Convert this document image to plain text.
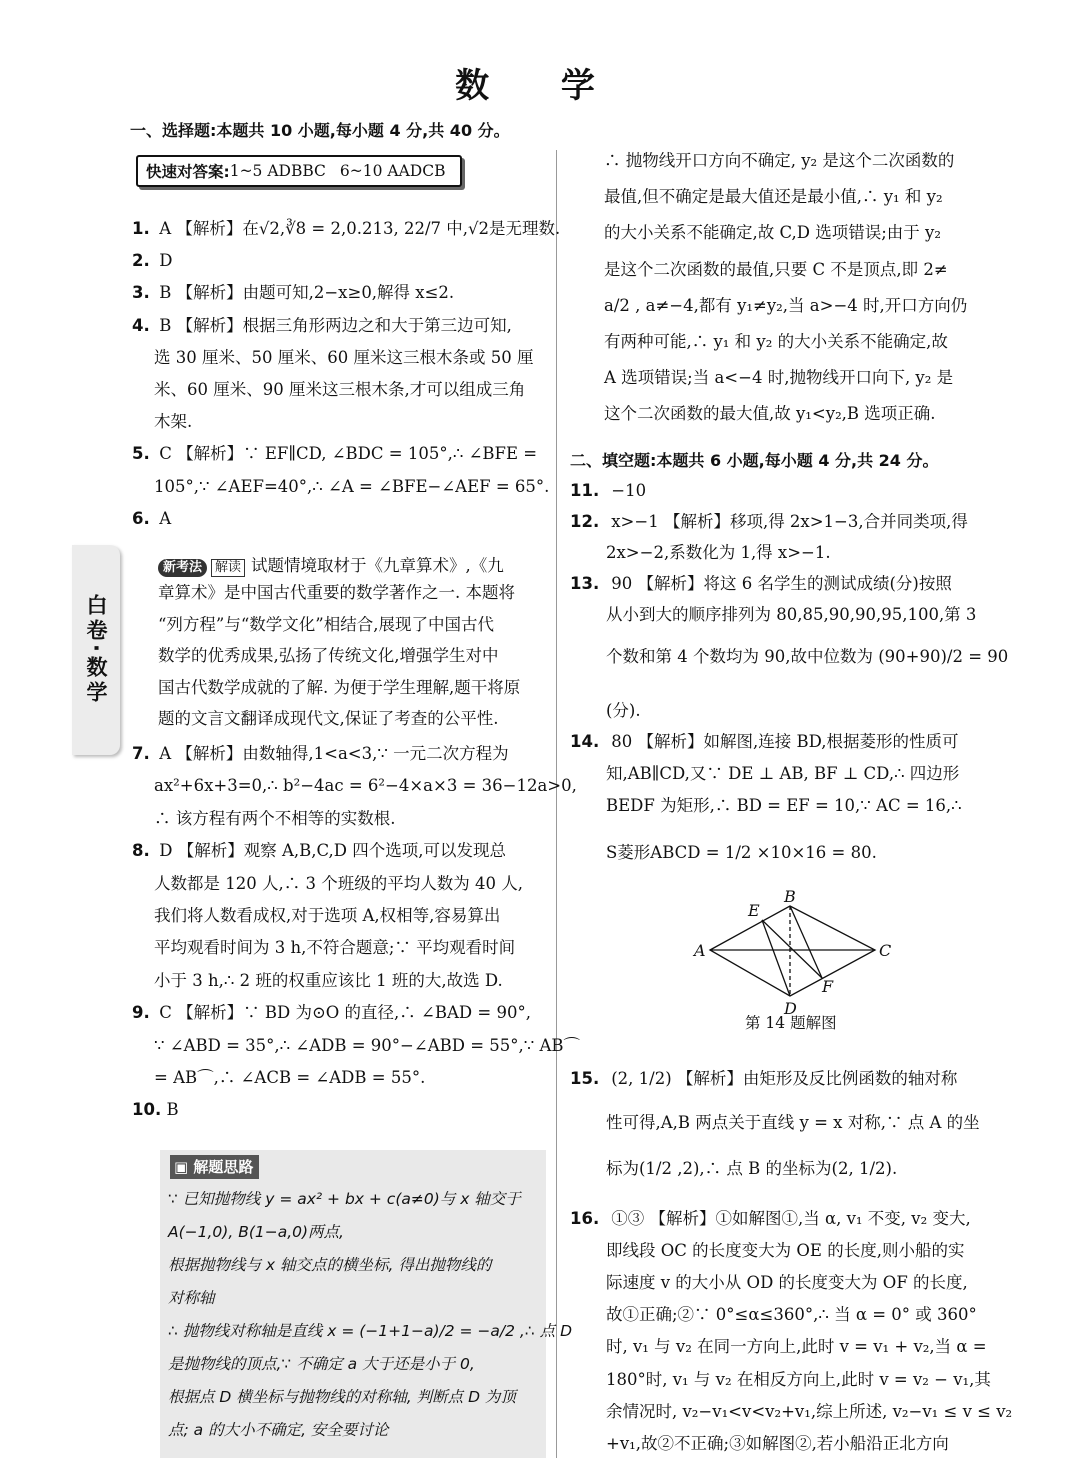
数 学
白卷·数学
一、选择题:本题共 10 小题,每小题 4 分,共 40 分。
快速对答案: 1~5 ADBBC 6~10 AADCB
1. A 【解析】在√2,∛8 = 2,0.213, 22/7 中,√2是无理数.
2. D
3. B 【解析】由题可知,2−x≥0,解得 x≤2.
4. B 【解析】根据三角形两边之和大于第三边可知,
选 30 厘米、50 厘米、60 厘米这三根木条或 50 厘
米、60 厘米、90 厘米这三根木条,才可以组成三角
木架.
5. C 【解析】∵ EF∥CD, ∠BDC = 105°,∴ ∠BFE =
105°,∵ ∠AEF=40°,∴ ∠A = ∠BFE−∠AEF = 65°.
6. A
新考法 解读 试题情境取材于《九章算术》,《九
章算术》是中国古代重要的数学著作之一. 本题将
“列方程”与“数学文化”相结合,展现了中国古代
数学的优秀成果,弘扬了传统文化,增强学生对中
国古代数学成就的了解. 为便于学生理解,题干将原
题的文言文翻译成现代文,保证了考查的公平性.
7. A 【解析】由数轴得,1<a<3,∵ 一元二次方程为
ax²+6x+3=0,∴ b²−4ac = 6²−4×a×3 = 36−12a>0,
∴ 该方程有两个不相等的实数根.
8. D 【解析】观察 A,B,C,D 四个选项,可以发现总
人数都是 120 人,∴ 3 个班级的平均人数为 40 人,
我们将人数看成权,对于选项 A,权相等,容易算出
平均观看时间为 3 h,不符合题意;∵ 平均观看时间
小于 3 h,∴ 2 班的权重应该比 1 班的大,故选 D.
9. C 【解析】∵ BD 为⊙O 的直径,∴ ∠BAD = 90°,
∵ ∠ABD = 35°,∴ ∠ADB = 90°−∠ABD = 55°,∵ AB⌒
= AB⌒,∴ ∠ACB = ∠ADB = 55°.
10. B
▣ 解题思路
∵ 已知抛物线 y = ax² + bx + c(a≠0)与 x 轴交于
A(−1,0), B(1−a,0)两点,
根据抛物线与 x 轴交点的横坐标, 得出抛物线的
对称轴
∴ 抛物线对称轴是直线 x = (−1+1−a)/2 = −a/2 ,∴ 点 D
是抛物线的顶点,∵ 不确定 a 大于还是小于 0,
根据点 D 横坐标与抛物线的对称轴, 判断点 D 为顶
点; a 的大小不确定, 安全要讨论
∴ 抛物线开口方向不确定, y₂ 是这个二次函数的
最值,但不确定是最大值还是最小值,∴ y₁ 和 y₂
的大小关系不能确定,故 C,D 选项错误;由于 y₂
是这个二次函数的最值,只要 C 不是顶点,即 2≠
a/2 , a≠−4,都有 y₁≠y₂,当 a>−4 时,开口方向仍
有两种可能,∴ y₁ 和 y₂ 的大小关系不能确定,故
A 选项错误;当 a<−4 时,抛物线开口向下, y₂ 是
这个二次函数的最大值,故 y₁<y₂,B 选项正确.
二、填空题:本题共 6 小题,每小题 4 分,共 24 分。
11. −10
12. x>−1 【解析】移项,得 2x>1−3,合并同类项,得
2x>−2,系数化为 1,得 x>−1.
13. 90 【解析】将这 6 名学生的测试成绩(分)按照
从小到大的顺序排列为 80,85,90,90,95,100,第 3
个数和第 4 个数均为 90,故中位数为 (90+90)/2 = 90
(分).
14. 80 【解析】如解图,连接 BD,根据菱形的性质可
知,AB∥CD,又∵ DE ⊥ AB, BF ⊥ CD,∴ 四边形
BEDF 为矩形,∴ BD = EF = 10,∵ AC = 16,∴
S菱形ABCD = 1/2 ×10×16 = 80.
A
B
C
D
E
F
第 14 题解图
15. (2, 1/2) 【解析】由矩形及反比例函数的轴对称
性可得,A,B 两点关于直线 y = x 对称,∵ 点 A 的坐
标为(1/2 ,2),∴ 点 B 的坐标为(2, 1/2).
16. ①③ 【解析】①如解图①,当 α, v₁ 不变, v₂ 变大,
即线段 OC 的长度变大为 OE 的长度,则小船的实
际速度 v 的大小从 OD 的长度变大为 OF 的长度,
故①正确;②∵ 0°≤α≤360°,∴ 当 α = 0° 或 360°
时, v₁ 与 v₂ 在同一方向上,此时 v = v₁ + v₂,当 α =
180°时, v₁ 与 v₂ 在相反方向上,此时 v = v₂ − v₁,其
余情况时, v₂−v₁<v<v₂+v₁,综上所述, v₂−v₁ ≤ v ≤ v₂
+v₁,故②不正确;③如解图②,若小船沿正北方向
